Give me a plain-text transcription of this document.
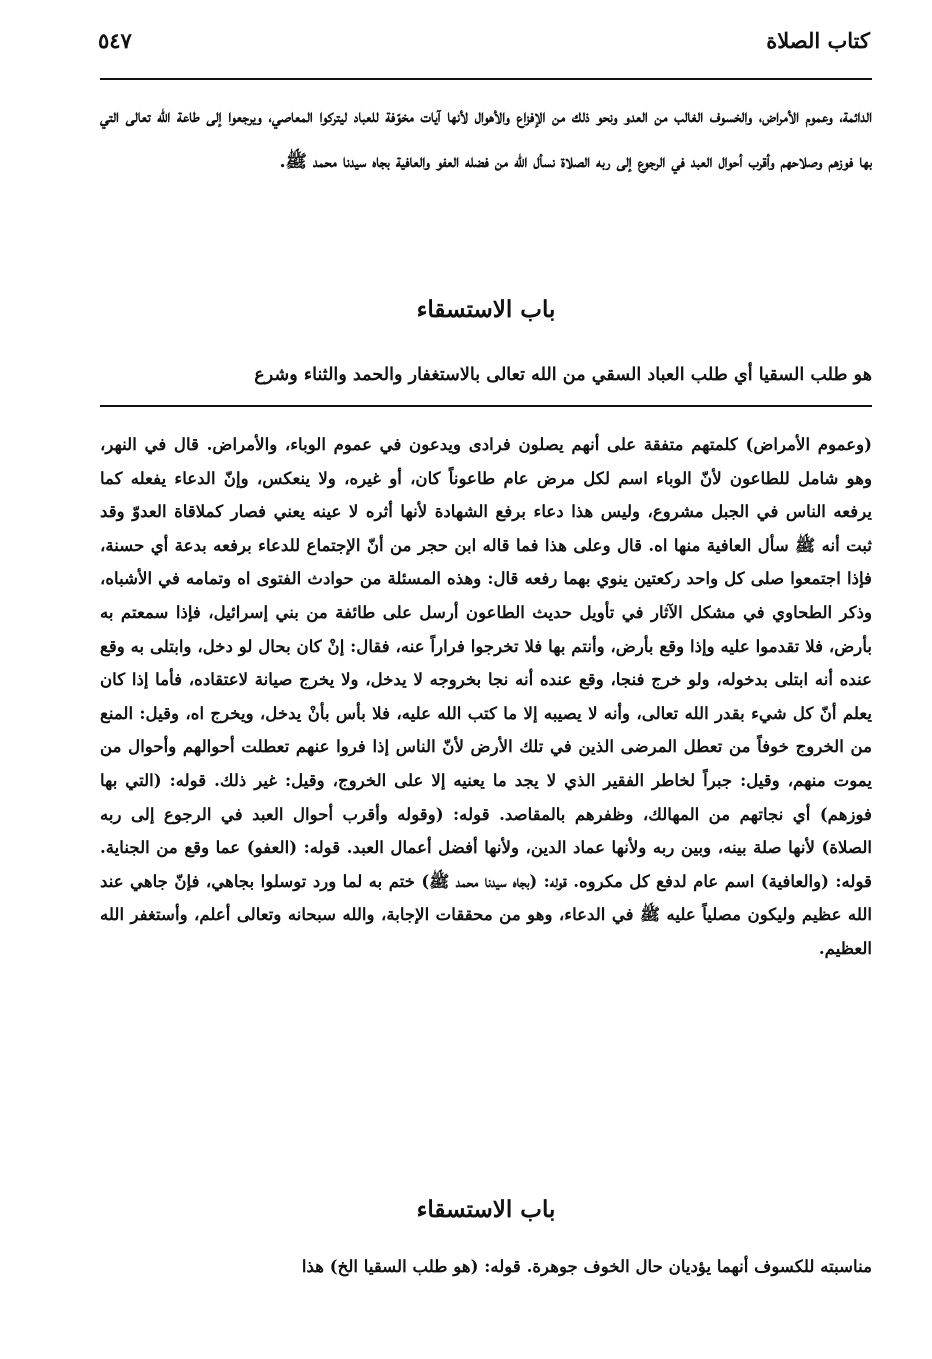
كتاب الصلاة
٥٤٧

الدائمة، وعموم الأمراض، والخسوف الغالب من العدو ونحو ذلك من الإفزاع والأهوال لأنها آيات مخوّفة للعباد ليتركوا المعاصي، ويرجعوا إلى طاعة الله تعالى التي بها فوزهم وصلاحهم وأقرب أحوال العبد في الرجوع إلى ربه الصلاة نسأل الله من فضله العفو والعافية بجاه سيدنا محمد ﷺ.

باب الاستسقاء

هو طلب السقيا أي طلب العباد السقي من الله تعالى بالاستغفار والحمد والثناء وشرع

(وعموم الأمراض) كلمتهم متفقة على أنهم يصلون فرادى ويدعون في عموم الوباء، والأمراض. قال في النهر، وهو شامل للطاعون لأنّ الوباء اسم لكل مرض عام طاعوناً كان، أو غيره، ولا ينعكس، وإنّ الدعاء يفعله كما يرفعه الناس في الجبل مشروع، وليس هذا دعاء برفع الشهادة لأنها أثره لا عينه يعني فصار كملاقاة العدوّ وقد ثبت أنه ﷺ سأل العافية منها اه. قال وعلى هذا فما قاله ابن حجر من أنّ الإجتماع للدعاء برفعه بدعة أي حسنة، فإذا اجتمعوا صلى كل واحد ركعتين ينوي بهما رفعه قال: وهذه المسئلة من حوادث الفتوى اه وتمامه في الأشباه، وذكر الطحاوي في مشكل الآثار في تأويل حديث الطاعون أرسل على طائفة من بني إسرائيل، فإذا سمعتم به بأرض، فلا تقدموا عليه وإذا وقع بأرض، وأنتم بها فلا تخرجوا فراراً عنه، فقال: إنْ كان بحال لو دخل، وابتلى به وقع عنده أنه ابتلى بدخوله، ولو خرج فنجا، وقع عنده أنه نجا بخروجه لا يدخل، ولا يخرج صيانة لاعتقاده، فأما إذا كان يعلم أنّ كل شيء بقدر الله تعالى، وأنه لا يصيبه إلا ما كتب الله عليه، فلا بأس بأنْ يدخل، ويخرج اه، وقيل: المنع من الخروج خوفاً من تعطل المرضى الذين في تلك الأرض لأنّ الناس إذا فروا عنهم تعطلت أحوالهم وأحوال من يموت منهم، وقيل: جبراً لخاطر الفقير الذي لا يجد ما يعنيه إلا على الخروج، وقيل: غير ذلك. قوله: (التي بها فوزهم) أي نجاتهم من المهالك، وظفرهم بالمقاصد. قوله: (وقوله وأقرب أحوال العبد في الرجوع إلى ربه الصلاة) لأنها صلة بينه، وبين ربه ولأنها عماد الدين، ولأنها أفضل أعمال العبد. قوله: (العفو) عما وقع من الجناية. قوله: (والعافية) اسم عام لدفع كل مكروه. قوله: (بجاه سيدنا محمد ﷺ) ختم به لما ورد توسلوا بجاهي، فإنّ جاهي عند الله عظيم وليكون مصلياً عليه ﷺ في الدعاء، وهو من محققات الإجابة، والله سبحانه وتعالى أعلم، وأستغفر الله العظيم.

باب الاستسقاء

مناسبته للكسوف أنهما يؤديان حال الخوف جوهرة. قوله: (هو طلب السقيا الخ) هذا
